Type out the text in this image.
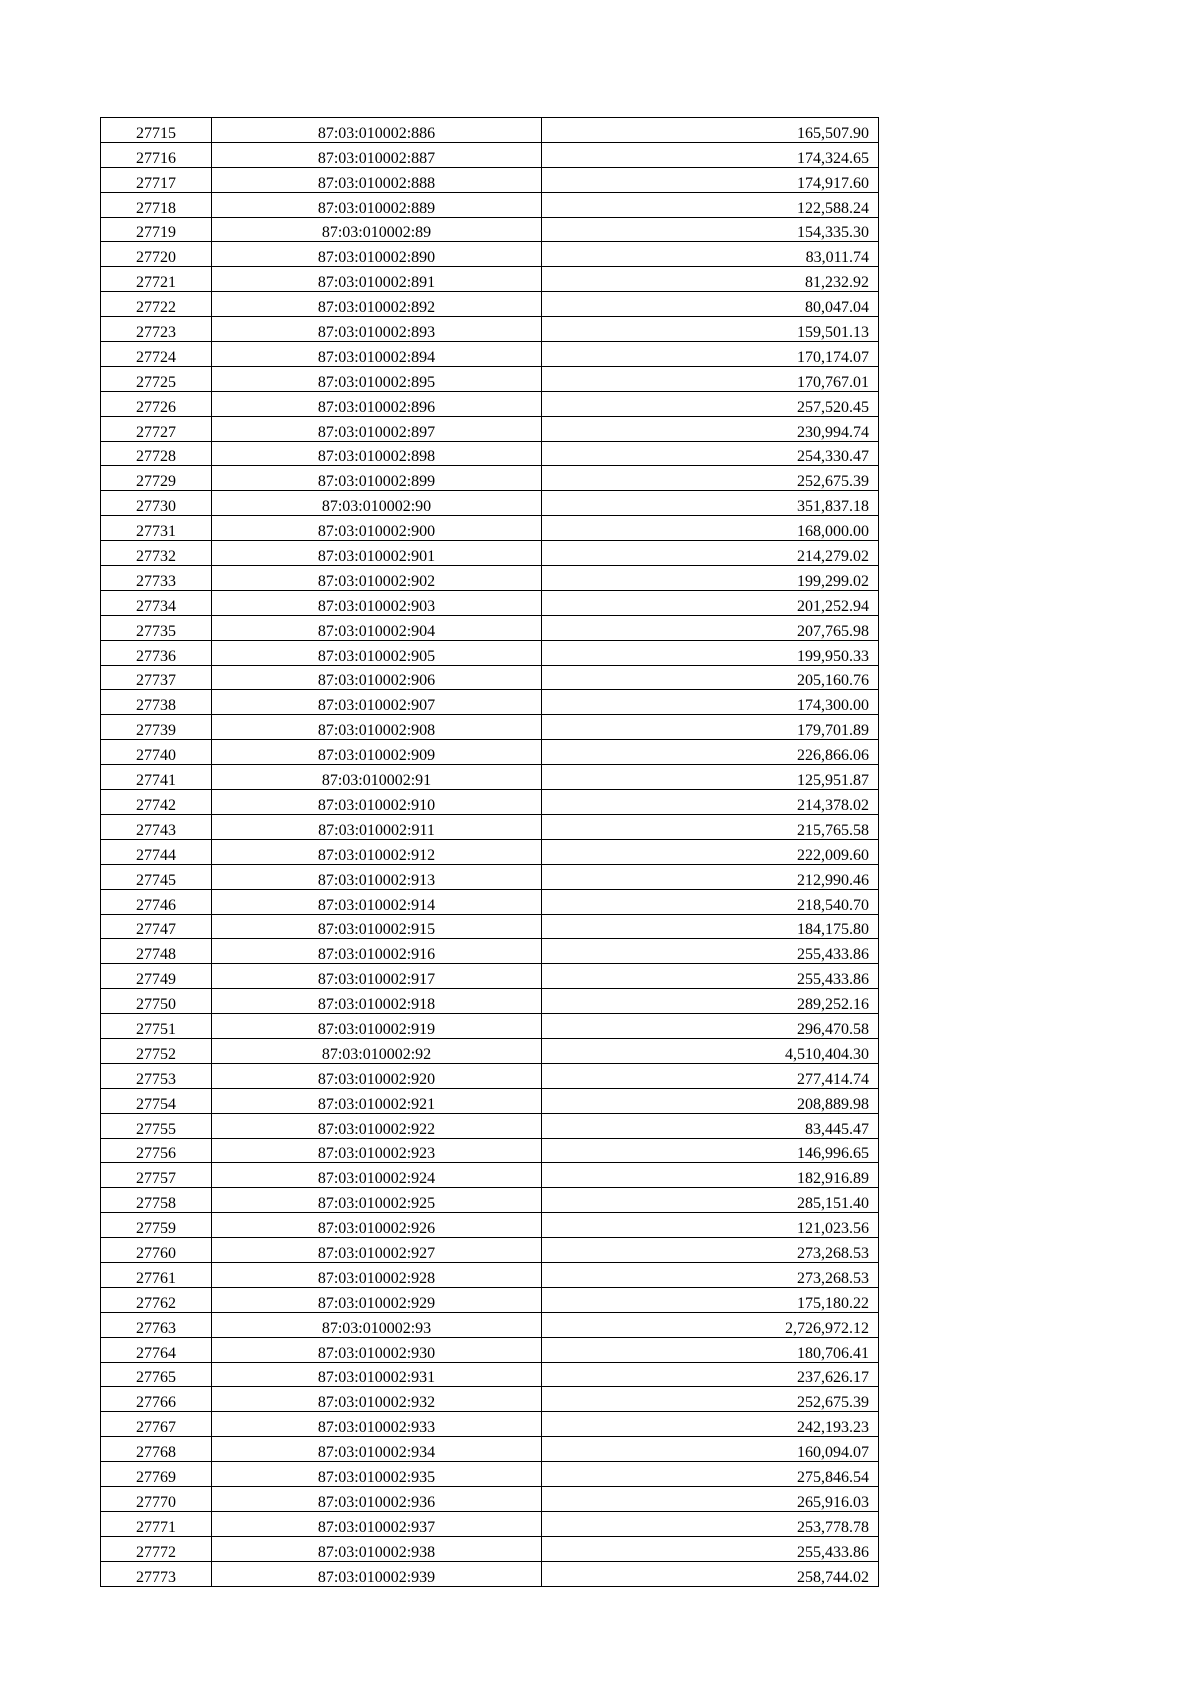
27715	87:03:010002:886	165,507.90
27716	87:03:010002:887	174,324.65
27717	87:03:010002:888	174,917.60
27718	87:03:010002:889	122,588.24
27719	87:03:010002:89	154,335.30
27720	87:03:010002:890	83,011.74
27721	87:03:010002:891	81,232.92
27722	87:03:010002:892	80,047.04
27723	87:03:010002:893	159,501.13
27724	87:03:010002:894	170,174.07
27725	87:03:010002:895	170,767.01
27726	87:03:010002:896	257,520.45
27727	87:03:010002:897	230,994.74
27728	87:03:010002:898	254,330.47
27729	87:03:010002:899	252,675.39
27730	87:03:010002:90	351,837.18
27731	87:03:010002:900	168,000.00
27732	87:03:010002:901	214,279.02
27733	87:03:010002:902	199,299.02
27734	87:03:010002:903	201,252.94
27735	87:03:010002:904	207,765.98
27736	87:03:010002:905	199,950.33
27737	87:03:010002:906	205,160.76
27738	87:03:010002:907	174,300.00
27739	87:03:010002:908	179,701.89
27740	87:03:010002:909	226,866.06
27741	87:03:010002:91	125,951.87
27742	87:03:010002:910	214,378.02
27743	87:03:010002:911	215,765.58
27744	87:03:010002:912	222,009.60
27745	87:03:010002:913	212,990.46
27746	87:03:010002:914	218,540.70
27747	87:03:010002:915	184,175.80
27748	87:03:010002:916	255,433.86
27749	87:03:010002:917	255,433.86
27750	87:03:010002:918	289,252.16
27751	87:03:010002:919	296,470.58
27752	87:03:010002:92	4,510,404.30
27753	87:03:010002:920	277,414.74
27754	87:03:010002:921	208,889.98
27755	87:03:010002:922	83,445.47
27756	87:03:010002:923	146,996.65
27757	87:03:010002:924	182,916.89
27758	87:03:010002:925	285,151.40
27759	87:03:010002:926	121,023.56
27760	87:03:010002:927	273,268.53
27761	87:03:010002:928	273,268.53
27762	87:03:010002:929	175,180.22
27763	87:03:010002:93	2,726,972.12
27764	87:03:010002:930	180,706.41
27765	87:03:010002:931	237,626.17
27766	87:03:010002:932	252,675.39
27767	87:03:010002:933	242,193.23
27768	87:03:010002:934	160,094.07
27769	87:03:010002:935	275,846.54
27770	87:03:010002:936	265,916.03
27771	87:03:010002:937	253,778.78
27772	87:03:010002:938	255,433.86
27773	87:03:010002:939	258,744.02
